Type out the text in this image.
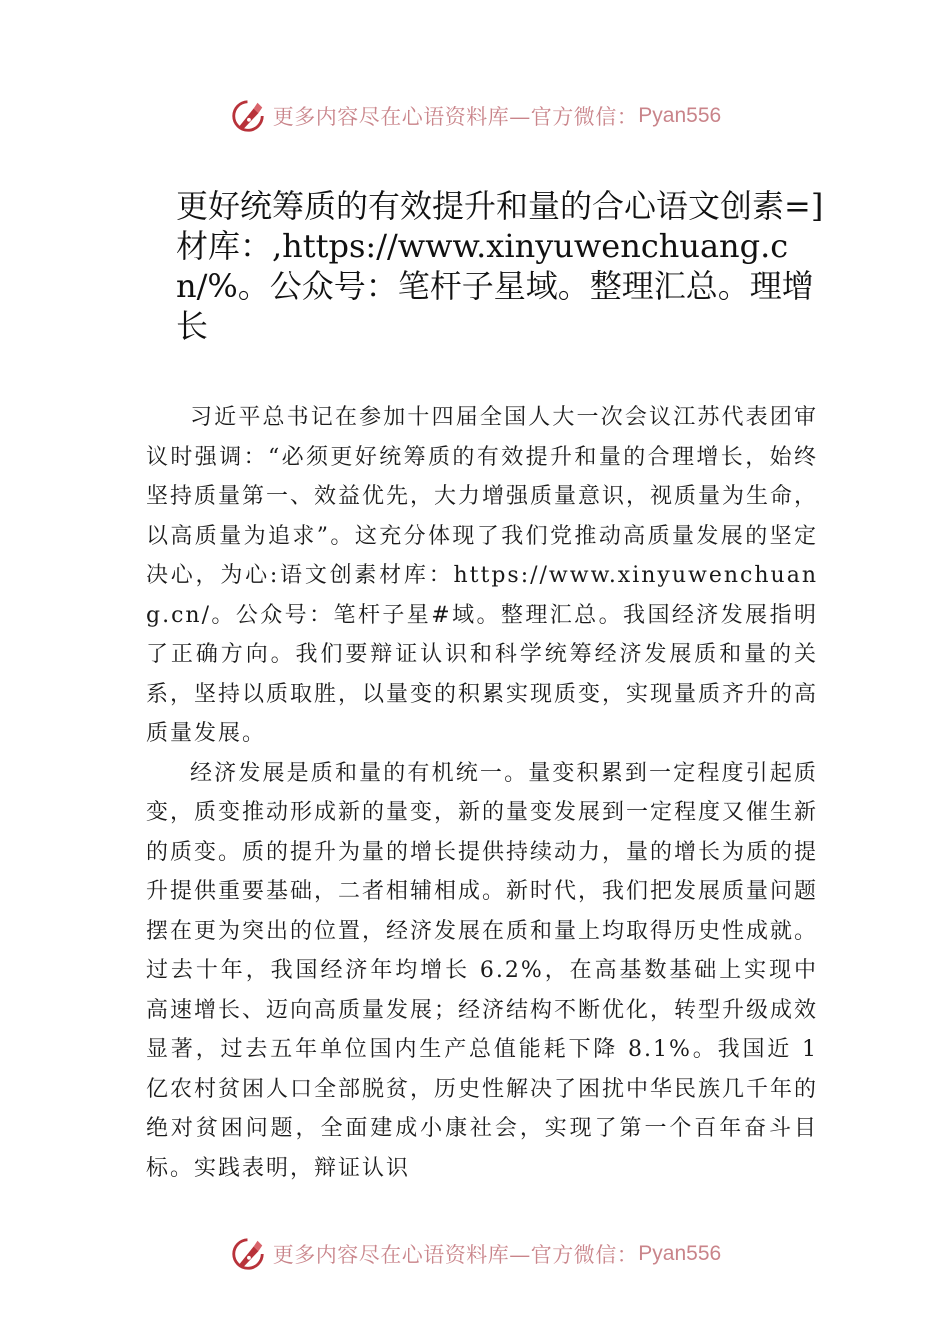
更多内容尽在心语资料库—官方微信： Pyan556
更好统筹质的有效提升和量的合心语文创素=]材库：,https://www.xinyuwenchuang.cn/%。公众号：笔杆子星域。整理汇总。理增长

习近平总书记在参加十四届全国人大一次会议江苏代表团审议时强调：“必须更好统筹质的有效提升和量的合理增长，始终坚持质量第一、效益优先，大力增强质量意识，视质量为生命，以高质量为追求”。这充分体现了我们党推动高质量发展的坚定决心，为心:语文创素材库：https://www.xinyuwenchuang.cn/。公众号：笔杆子星#域。整理汇总。我国经济发展指明了正确方向。我们要辩证认识和科学统筹经济发展质和量的关系，坚持以质取胜，以量变的积累实现质变，实现量质齐升的高质量发展。

经济发展是质和量的有机统一。量变积累到一定程度引起质变，质变推动形成新的量变，新的量变发展到一定程度又催生新的质变。质的提升为量的增长提供持续动力，量的增长为质的提升提供重要基础，二者相辅相成。新时代，我们把发展质量问题摆在更为突出的位置，经济发展在质和量上均取得历史性成就。过去十年，我国经济年均增长 6.2%，在高基数基础上实现中高速增长、迈向高质量发展；经济结构不断优化，转型升级成效显著，过去五年单位国内生产总值能耗下降 8.1%。我国近 1 亿农村贫困人口全部脱贫，历史性解决了困扰中华民族几千年的绝对贫困问题，全面建成小康社会，实现了第一个百年奋斗目标。实践表明，辩证认识

更多内容尽在心语资料库—官方微信： Pyan556
